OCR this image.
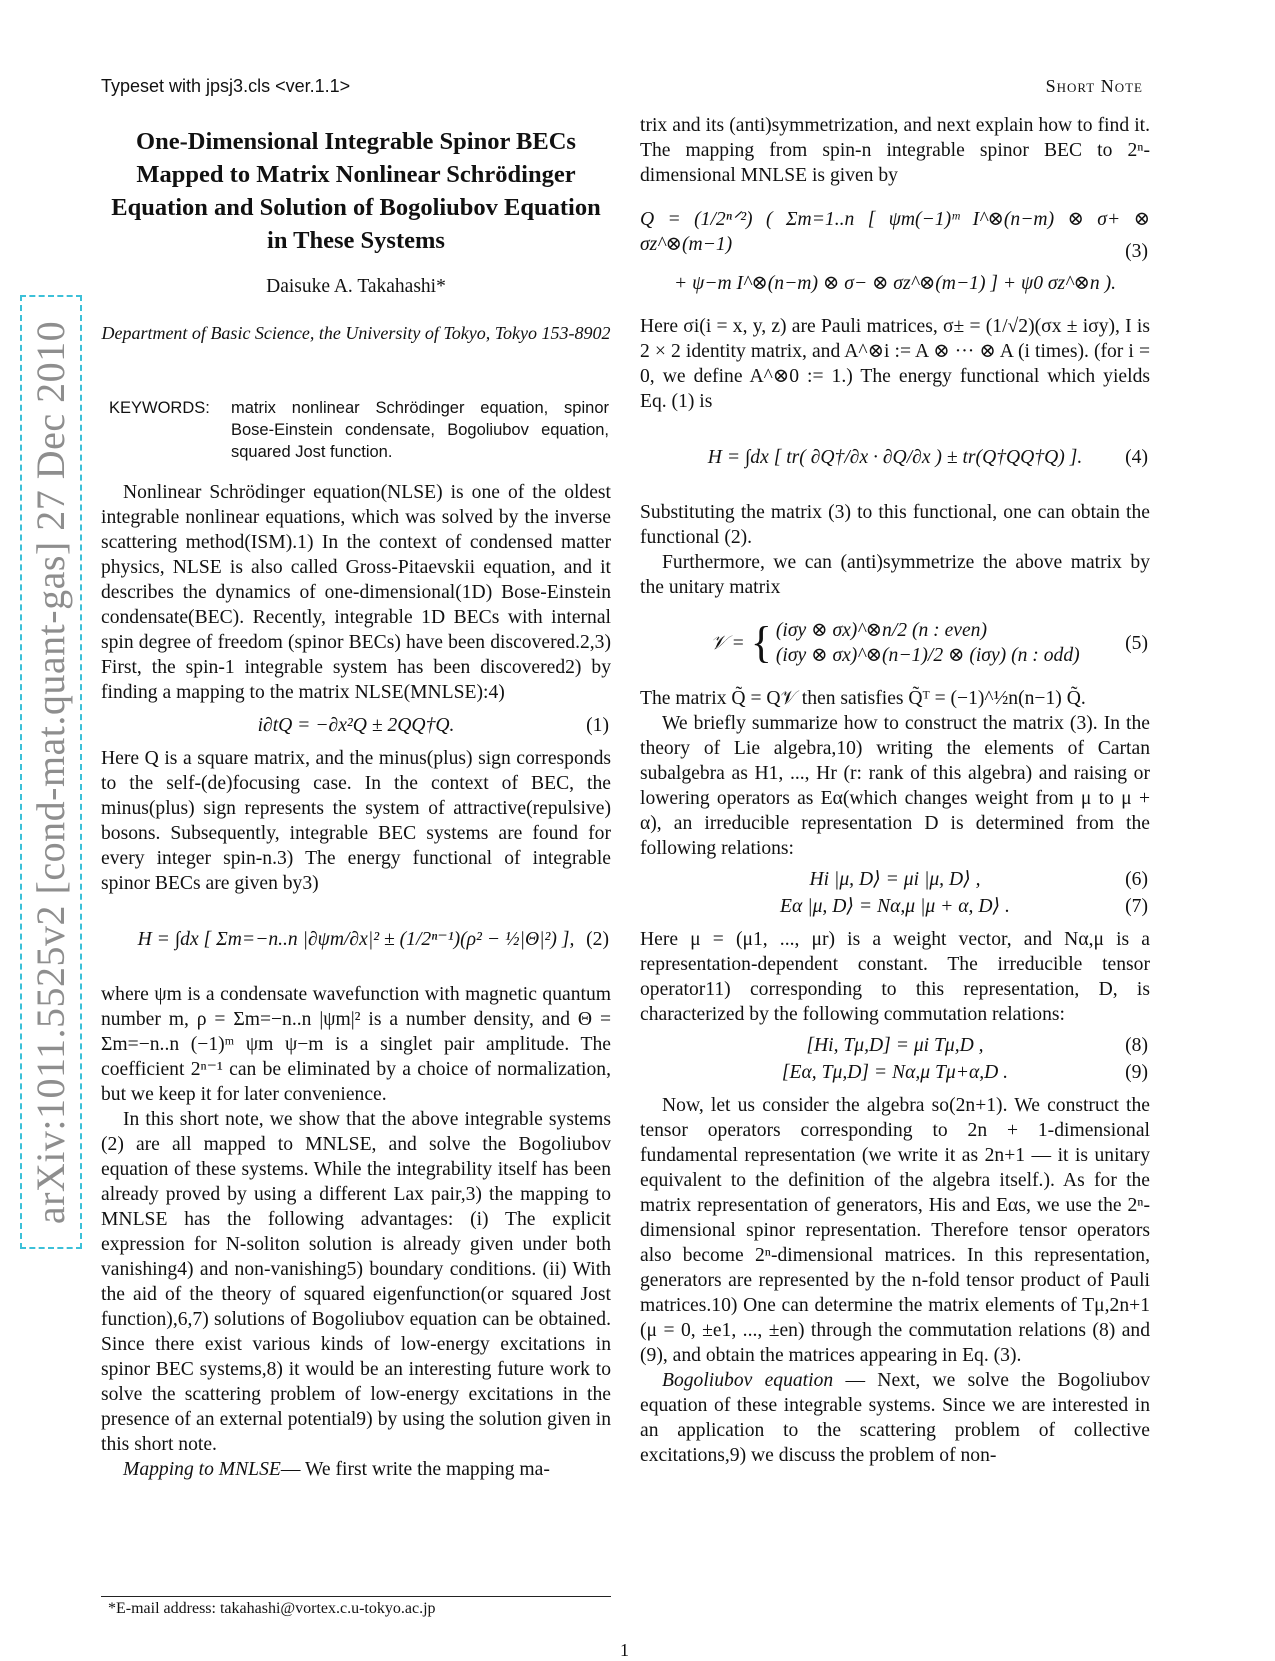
Typeset with jpsj3.cls <ver.1.1>	Short Note
arXiv:1011.5525v2 [cond-mat.quant-gas] 27 Dec 2010
One-Dimensional Integrable Spinor BECs Mapped to Matrix Nonlinear Schrödinger Equation and Solution of Bogoliubov Equation in These Systems
Daisuke A. Takahashi*
Department of Basic Science, the University of Tokyo, Tokyo 153-8902
KEYWORDS: matrix nonlinear Schrödinger equation, spinor Bose-Einstein condensate, Bogoliubov equation, squared Jost function.

Nonlinear Schrödinger equation(NLSE) is one of the oldest integrable nonlinear equations, which was solved by the inverse scattering method(ISM).1) In the context of condensed matter physics, NLSE is also called Gross-Pitaevskii equation, and it describes the dynamics of one-dimensional(1D) Bose-Einstein condensate(BEC). Recently, integrable 1D BECs with internal spin degree of freedom (spinor BECs) have been discovered.2,3) First, the spin-1 integrable system has been discovered2) by finding a mapping to the matrix NLSE(MNLSE):4)

i∂tQ = −∂x²Q ± 2QQ†Q.	(1)

Here Q is a square matrix, and the minus(plus) sign corresponds to the self-(de)focusing case. In the context of BEC, the minus(plus) sign represents the system of attractive(repulsive) bosons. Subsequently, integrable BEC systems are found for every integer spin-n.3) The energy functional of integrable spinor BECs are given by3)

H = ∫dx [ Σm=−n..n |∂ψm/∂x|² ± (1/2ⁿ⁻¹)(ρ² − ½|Θ|²) ], (2)

where ψm is a condensate wavefunction with magnetic quantum number m, ρ = Σm=−n..n |ψm|² is a number density, and Θ = Σm=−n..n (−1)ᵐ ψm ψ−m is a singlet pair amplitude. The coefficient 2ⁿ⁻¹ can be eliminated by a choice of normalization, but we keep it for later convenience.

In this short note, we show that the above integrable systems (2) are all mapped to MNLSE, and solve the Bogoliubov equation of these systems. While the integrability itself has been already proved by using a different Lax pair,3) the mapping to MNLSE has the following advantages: (i) The explicit expression for N-soliton solution is already given under both vanishing4) and non-vanishing5) boundary conditions. (ii) With the aid of the theory of squared eigenfunction(or squared Jost function),6,7) solutions of Bogoliubov equation can be obtained. Since there exist various kinds of low-energy excitations in spinor BEC systems,8) it would be an interesting future work to solve the scattering problem of low-energy excitations in the presence of an external potential9) by using the solution given in this short note.

Mapping to MNLSE— We first write the mapping ma-

trix and its (anti)symmetrization, and next explain how to find it. The mapping from spin-n integrable spinor BEC to 2ⁿ-dimensional MNLSE is given by

Q = (1/2ⁿᐟ²) ( Σm=1..n [ ψm(−1)ᵐ I^⊗(n−m) ⊗ σ+ ⊗ σz^⊗(m−1)
+ ψ−m I^⊗(n−m) ⊗ σ− ⊗ σz^⊗(m−1) ] + ψ0 σz^⊗n ).
(3)

Here σi(i = x, y, z) are Pauli matrices, σ± = (1/√2)(σx ± iσy), I is 2 × 2 identity matrix, and A^⊗i := A ⊗ ··· ⊗ A (i times). (for i = 0, we define A^⊗0 := 1.) The energy functional which yields Eq. (1) is

H = ∫dx [ tr( ∂Q†/∂x · ∂Q/∂x ) ± tr(Q†QQ†Q) ]. (4)

Substituting the matrix (3) to this functional, one can obtain the functional (2).

Furthermore, we can (anti)symmetrize the above matrix by the unitary matrix

𝒱 = { (iσy ⊗ σx)^⊗n/2 (n : even)
(iσy ⊗ σx)^⊗(n−1)/2 ⊗ (iσy) (n : odd)
(5)

The matrix Q̃ = Q𝒱 then satisfies Q̃ᵀ = (−1)^½n(n−1) Q̃.

We briefly summarize how to construct the matrix (3). In the theory of Lie algebra,10) writing the elements of Cartan subalgebra as H1, ..., Hr (r: rank of this algebra) and raising or lowering operators as Eα(which changes weight from μ to μ + α), an irreducible representation D is determined from the following relations:

Hi |μ, D⟩ = μi |μ, D⟩ ,	(6)
Eα |μ, D⟩ = Nα,μ |μ + α, D⟩ .	(7)

Here μ = (μ1, ..., μr) is a weight vector, and Nα,μ is a representation-dependent constant. The irreducible tensor operator11) corresponding to this representation, D, is characterized by the following commutation relations:

[Hi, Tμ,D] = μi Tμ,D ,	(8)
[Eα, Tμ,D] = Nα,μ Tμ+α,D .	(9)

Now, let us consider the algebra so(2n+1). We construct the tensor operators corresponding to 2n + 1-dimensional fundamental representation (we write it as 2n+1 — it is unitary equivalent to the definition of the algebra itself.). As for the matrix representation of generators, His and Eαs, we use the 2ⁿ-dimensional spinor representation. Therefore tensor operators also become 2ⁿ-dimensional matrices. In this representation, generators are represented by the n-fold tensor product of Pauli matrices.10) One can determine the matrix elements of Tμ,2n+1 (μ = 0, ±e1, ..., ±en) through the commutation relations (8) and (9), and obtain the matrices appearing in Eq. (3).

Bogoliubov equation — Next, we solve the Bogoliubov equation of these integrable systems. Since we are interested in an application to the scattering problem of collective excitations,9) we discuss the problem of non-

*E-mail address: takahashi@vortex.c.u-tokyo.ac.jp
1
